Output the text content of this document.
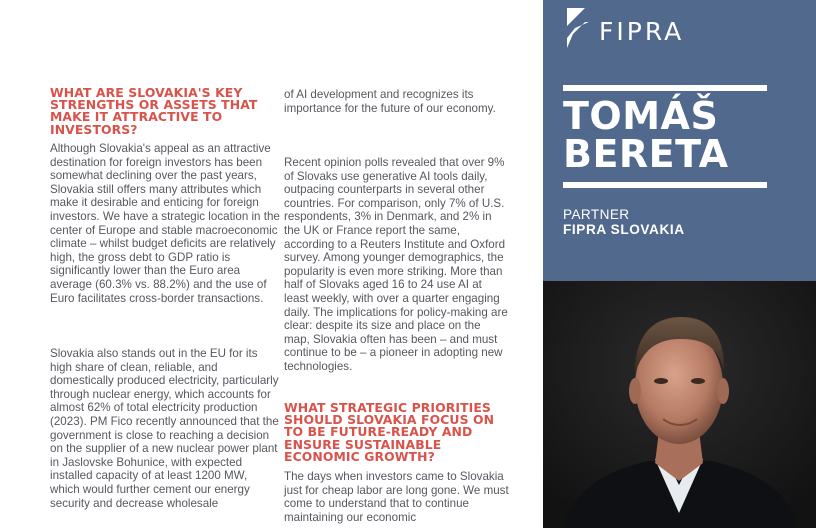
WHAT ARE SLOVAKIA'S KEY STRENGTHS OR ASSETS THAT MAKE IT ATTRACTIVE TO INVESTORS?

Although Slovakia's appeal as an attractive destination for foreign investors has been somewhat declining over the past years, Slovakia still offers many attributes which make it desirable and enticing for foreign investors. We have a strategic location in the center of Europe and stable macroeconomic climate – whilst budget deficits are relatively high, the gross debt to GDP ratio is significantly lower than the Euro area average (60.3% vs. 88.2%) and the use of Euro facilitates cross-border transactions.

Slovakia also stands out in the EU for its high share of clean, reliable, and domestically produced electricity, particularly through nuclear energy, which accounts for almost 62% of total electricity production (2023). PM Fico recently announced that the government is close to reaching a decision on the supplier of a new nuclear power plant in Jaslovske Bohunice, with expected installed capacity of at least 1200 MW, which would further cement our energy security and decrease wholesale

of AI development and recognizes its importance for the future of our economy.

Recent opinion polls revealed that over 9% of Slovaks use generative AI tools daily, outpacing counterparts in several other countries. For comparison, only 7% of U.S. respondents, 3% in Denmark, and 2% in the UK or France report the same, according to a Reuters Institute and Oxford survey. Among younger demographics, the popularity is even more striking. More than half of Slovaks aged 16 to 24 use AI at least weekly, with over a quarter engaging daily. The implications for policy-making are clear: despite its size and place on the map, Slovakia often has been – and must continue to be – a pioneer in adopting new technologies.

WHAT STRATEGIC PRIORITIES SHOULD SLOVAKIA FOCUS ON TO BE FUTURE-READY AND ENSURE SUSTAINABLE ECONOMIC GROWTH?

The days when investors came to Slovakia just for cheap labor are long gone. We must come to understand that to continue maintaining our economic

FIPRA
TOMÁŠ
BERETA
PARTNER
FIPRA SLOVAKIA
